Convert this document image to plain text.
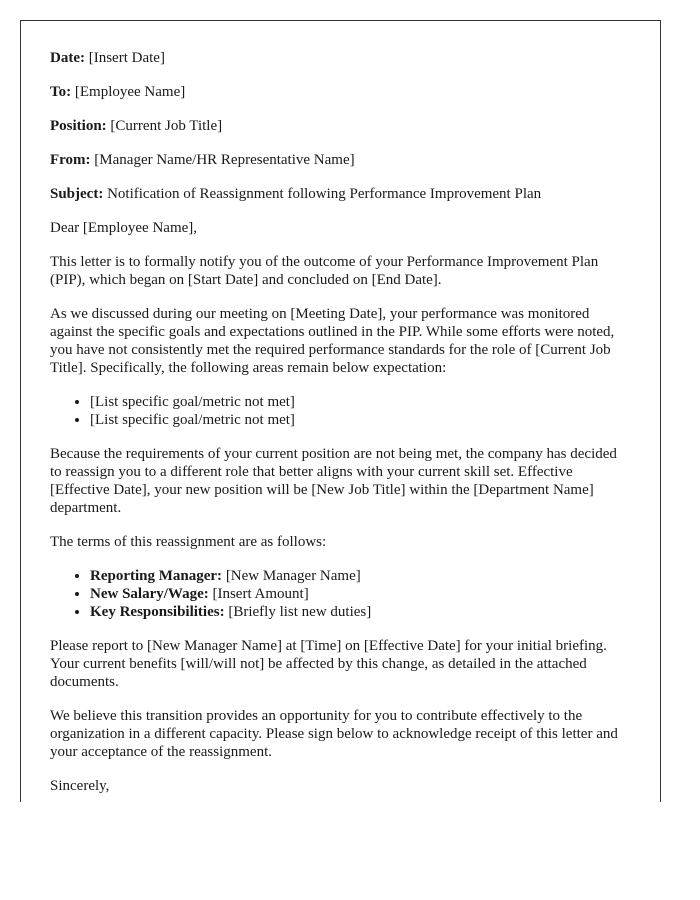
Date: [Insert Date]
To: [Employee Name]
Position: [Current Job Title]
From: [Manager Name/HR Representative Name]
Subject: Notification of Reassignment following Performance Improvement Plan

Dear [Employee Name],

This letter is to formally notify you of the outcome of your Performance Improvement Plan (PIP), which began on [Start Date] and concluded on [End Date].

As we discussed during our meeting on [Meeting Date], your performance was monitored against the specific goals and expectations outlined in the PIP. While some efforts were noted, you have not consistently met the required performance standards for the role of [Current Job Title]. Specifically, the following areas remain below expectation:

• [List specific goal/metric not met]
• [List specific goal/metric not met]

Because the requirements of your current position are not being met, the company has decided to reassign you to a different role that better aligns with your current skill set. Effective [Effective Date], your new position will be [New Job Title] within the [Department Name] department.

The terms of this reassignment are as follows:

• Reporting Manager: [New Manager Name]
• New Salary/Wage: [Insert Amount]
• Key Responsibilities: [Briefly list new duties]

Please report to [New Manager Name] at [Time] on [Effective Date] for your initial briefing. Your current benefits [will/will not] be affected by this change, as detailed in the attached documents.

We believe this transition provides an opportunity for you to contribute effectively to the organization in a different capacity. Please sign below to acknowledge receipt of this letter and your acceptance of the reassignment.

Sincerely,
